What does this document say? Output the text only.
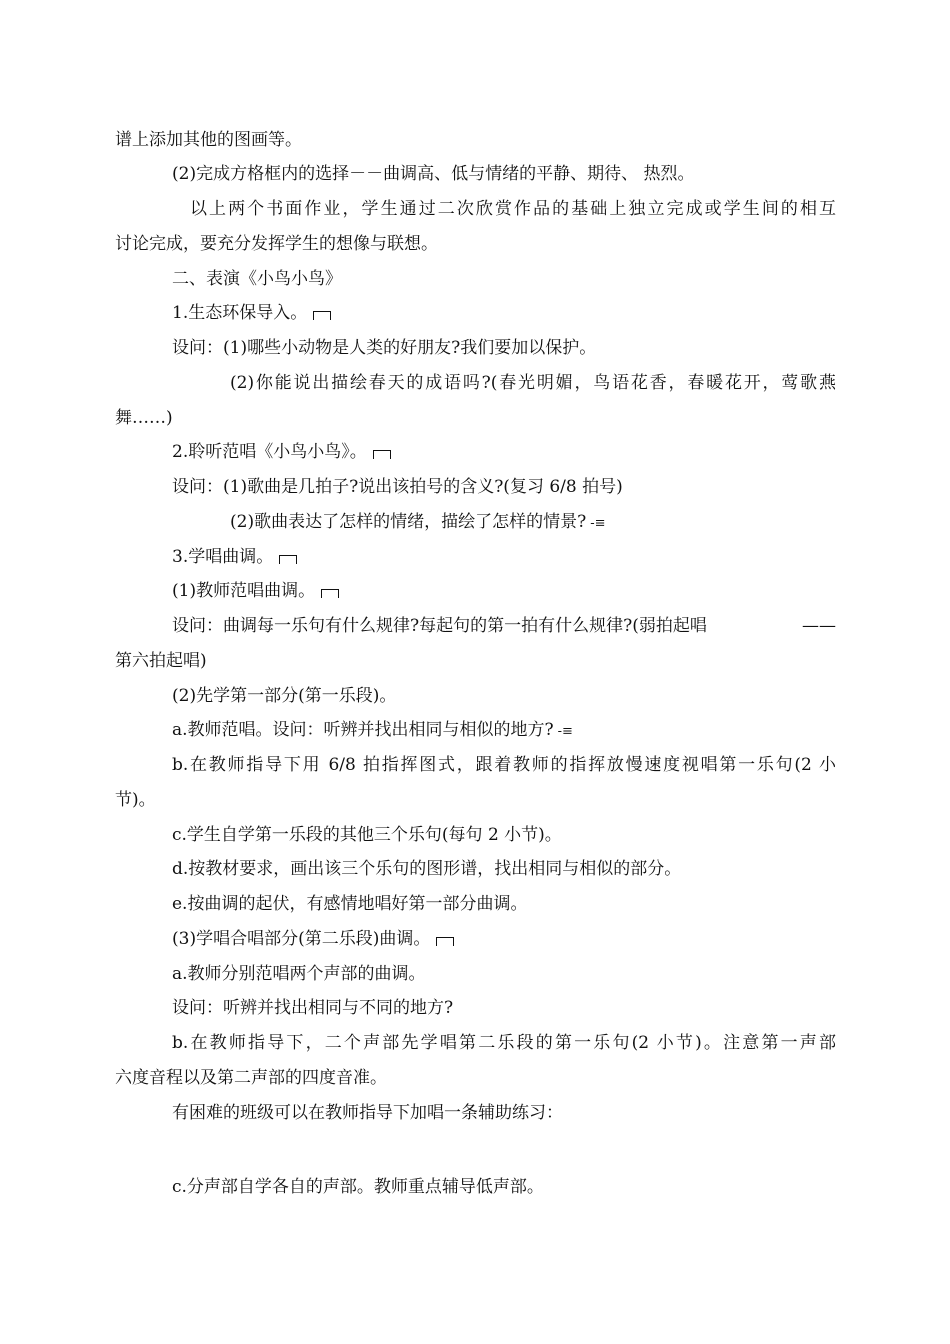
谱上添加其他的图画等。
(2)完成方格框内的选择－－曲调高、低与情绪的平静、期待、 热烈。
以上两个书面作业，学生通过二次欣赏作品的基础上独立完成或学生间的相互
讨论完成，要充分发挥学生的想像与联想。
二、表演《小鸟小鸟》
1.生态环保导入。
设问：(1)哪些小动物是人类的好朋友?我们要加以保护。
(2)你能说出描绘春天的成语吗?(春光明媚，鸟语花香，春暖花开，莺歌燕
舞……)
2.聆听范唱《小鸟小鸟》。
设问：(1)歌曲是几拍子?说出该拍号的含义?(复习 6/8 拍号)
(2)歌曲表达了怎样的情绪，描绘了怎样的情景? -≡
3.学唱曲调。
(1)教师范唱曲调。
设问：曲调每一乐句有什么规律?每起句的第一拍有什么规律?(弱拍起唱	——
第六拍起唱)
(2)先学第一部分(第一乐段)。
a.教师范唱。设问：听辨并找出相同与相似的地方? -≡
b.在教师指导下用 6/8 拍指挥图式，跟着教师的指挥放慢速度视唱第一乐句(2 小
节)。
c.学生自学第一乐段的其他三个乐句(每句 2 小节)。
d.按教材要求，画出该三个乐句的图形谱，找出相同与相似的部分。
e.按曲调的起伏，有感情地唱好第一部分曲调。
(3)学唱合唱部分(第二乐段)曲调。
a.教师分别范唱两个声部的曲调。
设问：听辨并找出相同与不同的地方?
b.在教师指导下，二个声部先学唱第二乐段的第一乐句(2 小节)。注意第一声部
六度音程以及第二声部的四度音准。
有困难的班级可以在教师指导下加唱一条辅助练习：
c.分声部自学各自的声部。教师重点辅导低声部。
